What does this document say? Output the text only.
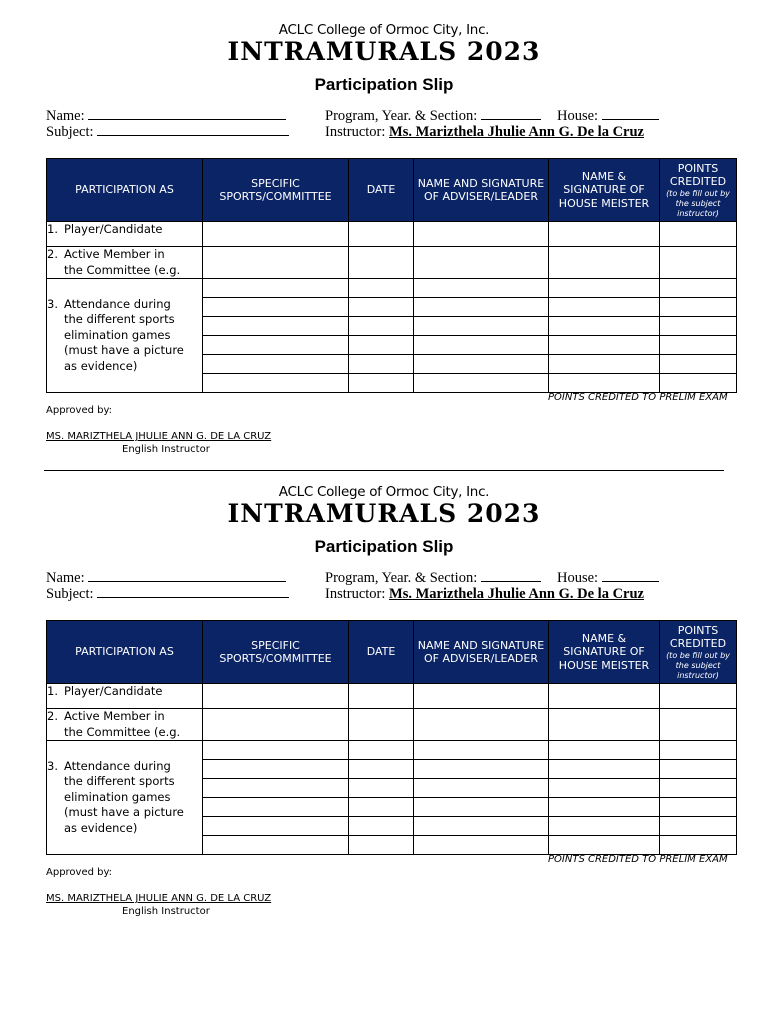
ACLC College of Ormoc City, Inc.
INTRAMURALS 2023
Participation Slip
Name:
Subject:
Program, Year. & Section:	House:
Instructor: Ms. Marizthela Jhulie Ann G. De la Cruz
PARTICIPATION AS	SPECIFIC SPORTS/COMMITTEE	DATE	NAME AND SIGNATURE OF ADVISER/LEADER	NAME & SIGNATURE OF HOUSE MEISTER	POINTS CREDITED
(to be fill out by the subject instructor)

1. Player/Candidate					
2. Active Member in
the Committee (e.g.					

3. Attendance during
the different sports
elimination games
(must have a picture
as evidence)					

POINTS CREDITED TO PRELIM EXAM
Approved by:
MS. MARIZTHELA JHULIE ANN G. DE LA CRUZ
English Instructor
ACLC College of Ormoc City, Inc.
INTRAMURALS 2023
Participation Slip
Name:
Subject:
Program, Year. & Section:	House:
Instructor: Ms. Marizthela Jhulie Ann G. De la Cruz
PARTICIPATION AS	SPECIFIC SPORTS/COMMITTEE	DATE	NAME AND SIGNATURE OF ADVISER/LEADER	NAME & SIGNATURE OF HOUSE MEISTER	POINTS CREDITED
(to be fill out by the subject instructor)

1. Player/Candidate					
2. Active Member in
the Committee (e.g.					

3. Attendance during
the different sports
elimination games
(must have a picture
as evidence)					

POINTS CREDITED TO PRELIM EXAM
Approved by:
MS. MARIZTHELA JHULIE ANN G. DE LA CRUZ
English Instructor
